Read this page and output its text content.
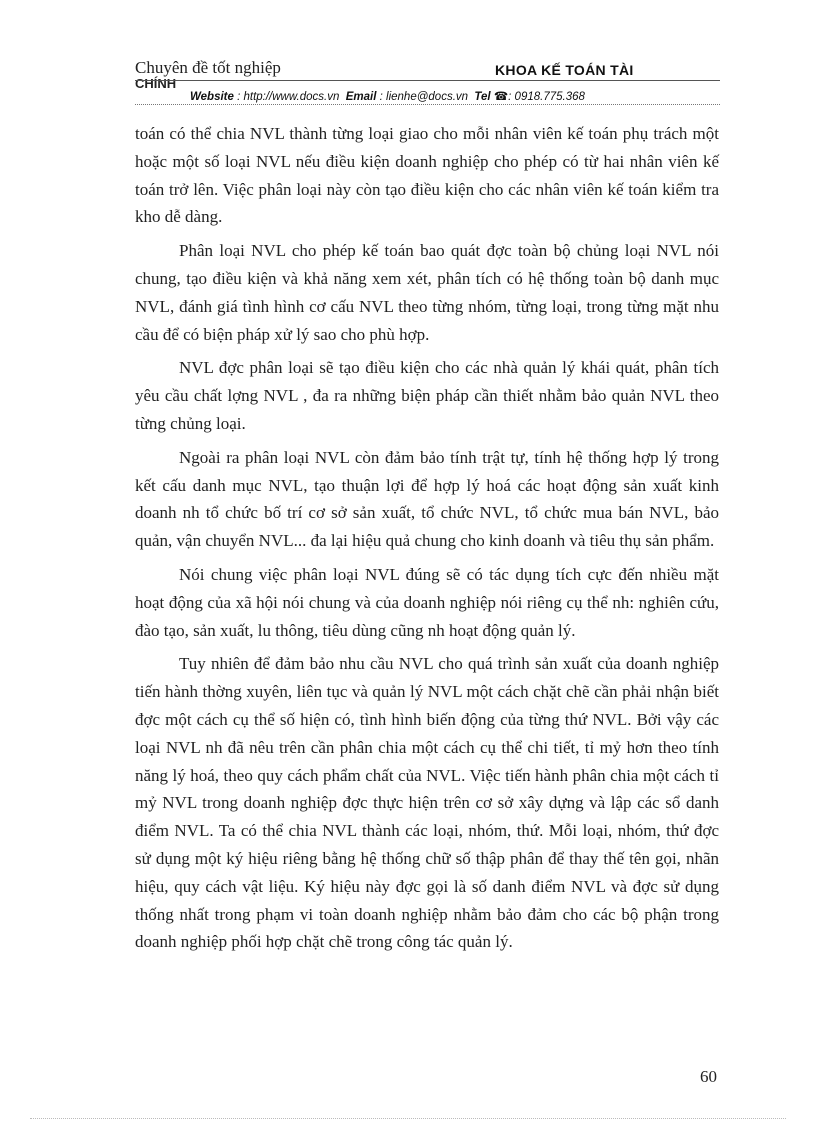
Chuyên đề tốt nghiệp
CHÍNH
KHOA KẾ TOÁN TÀI
Website : http://www.docs.vn Email : lienhe@docs.vn Tel ☎: 0918.775.368

toán có thể chia NVL thành từng loại giao cho mỗi nhân viên kế toán phụ trách một hoặc một số loại NVL nếu điều kiện doanh nghiệp cho phép có từ hai nhân viên kế toán trở lên. Việc phân loại này còn tạo điều kiện cho các nhân viên kế toán kiểm tra kho dễ dàng.

Phân loại NVL cho phép kế toán bao quát đợc toàn bộ chủng loại NVL nói chung, tạo điều kiện và khả năng xem xét, phân tích có hệ thống toàn bộ danh mục NVL, đánh giá tình hình cơ cấu NVL theo từng nhóm, từng loại, trong từng mặt nhu cầu để có biện pháp xử lý sao cho phù hợp.

NVL đợc phân loại sẽ tạo điều kiện cho các nhà quản lý khái quát, phân tích yêu cầu chất lợng NVL , đa ra những biện pháp cần thiết nhằm bảo quản NVL theo từng chủng loại.

Ngoài ra phân loại NVL còn đảm bảo tính trật tự, tính hệ thống hợp lý trong kết cấu danh mục NVL, tạo thuận lợi để hợp lý hoá các hoạt động sản xuất kinh doanh nh tổ chức bố trí cơ sở sản xuất, tổ chức NVL, tổ chức mua bán NVL, bảo quản, vận chuyển NVL... đa lại hiệu quả chung cho kinh doanh và tiêu thụ sản phẩm.

Nói chung việc phân loại NVL đúng sẽ có tác dụng tích cực đến nhiều mặt hoạt động của xã hội nói chung và của doanh nghiệp nói riêng cụ thể nh: nghiên cứu, đào tạo, sản xuất, lu thông, tiêu dùng cũng nh hoạt động quản lý.

Tuy nhiên để đảm bảo nhu cầu NVL cho quá trình sản xuất của doanh nghiệp tiến hành thờng xuyên, liên tục và quản lý NVL một cách chặt chẽ cần phải nhận biết đợc một cách cụ thể số hiện có, tình hình biến động của từng thứ NVL. Bởi vậy các loại NVL nh đã nêu trên cần phân chia một cách cụ thể chi tiết, tỉ mỷ hơn theo tính năng lý hoá, theo quy cách phẩm chất của NVL. Việc tiến hành phân chia một cách tỉ mỷ NVL trong doanh nghiệp đợc thực hiện trên cơ sở xây dựng và lập các sổ danh điểm NVL. Ta có thể chia NVL thành các loại, nhóm, thứ. Mỗi loại, nhóm, thứ đợc sử dụng một ký hiệu riêng bằng hệ thống chữ số thập phân để thay thế tên gọi, nhãn hiệu, quy cách vật liệu. Ký hiệu này đợc gọi là số danh điểm NVL và đợc sử dụng thống nhất trong phạm vi toàn doanh nghiệp nhằm bảo đảm cho các bộ phận trong doanh nghiệp phối hợp chặt chẽ trong công tác quản lý.

60
